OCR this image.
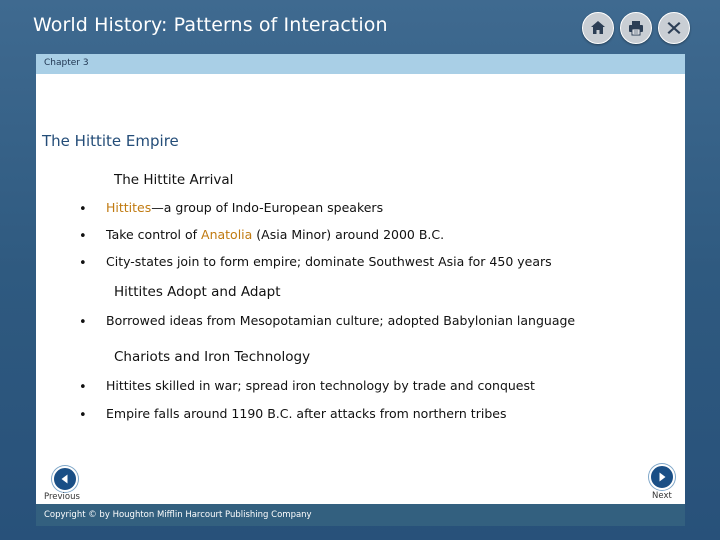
World History: Patterns of Interaction
Chapter 3
The Hittite Empire
The Hittite Arrival
• Hittites—a group of Indo-European speakers
• Take control of Anatolia (Asia Minor) around 2000 B.C.
• City-states join to form empire; dominate Southwest Asia for 450 years
Hittites Adopt and Adapt
• Borrowed ideas from Mesopotamian culture; adopted Babylonian language
Chariots and Iron Technology
• Hittites skilled in war; spread iron technology by trade and conquest
• Empire falls around 1190 B.C. after attacks from northern tribes
Previous	Next
Copyright © by Houghton Mifflin Harcourt Publishing Company
